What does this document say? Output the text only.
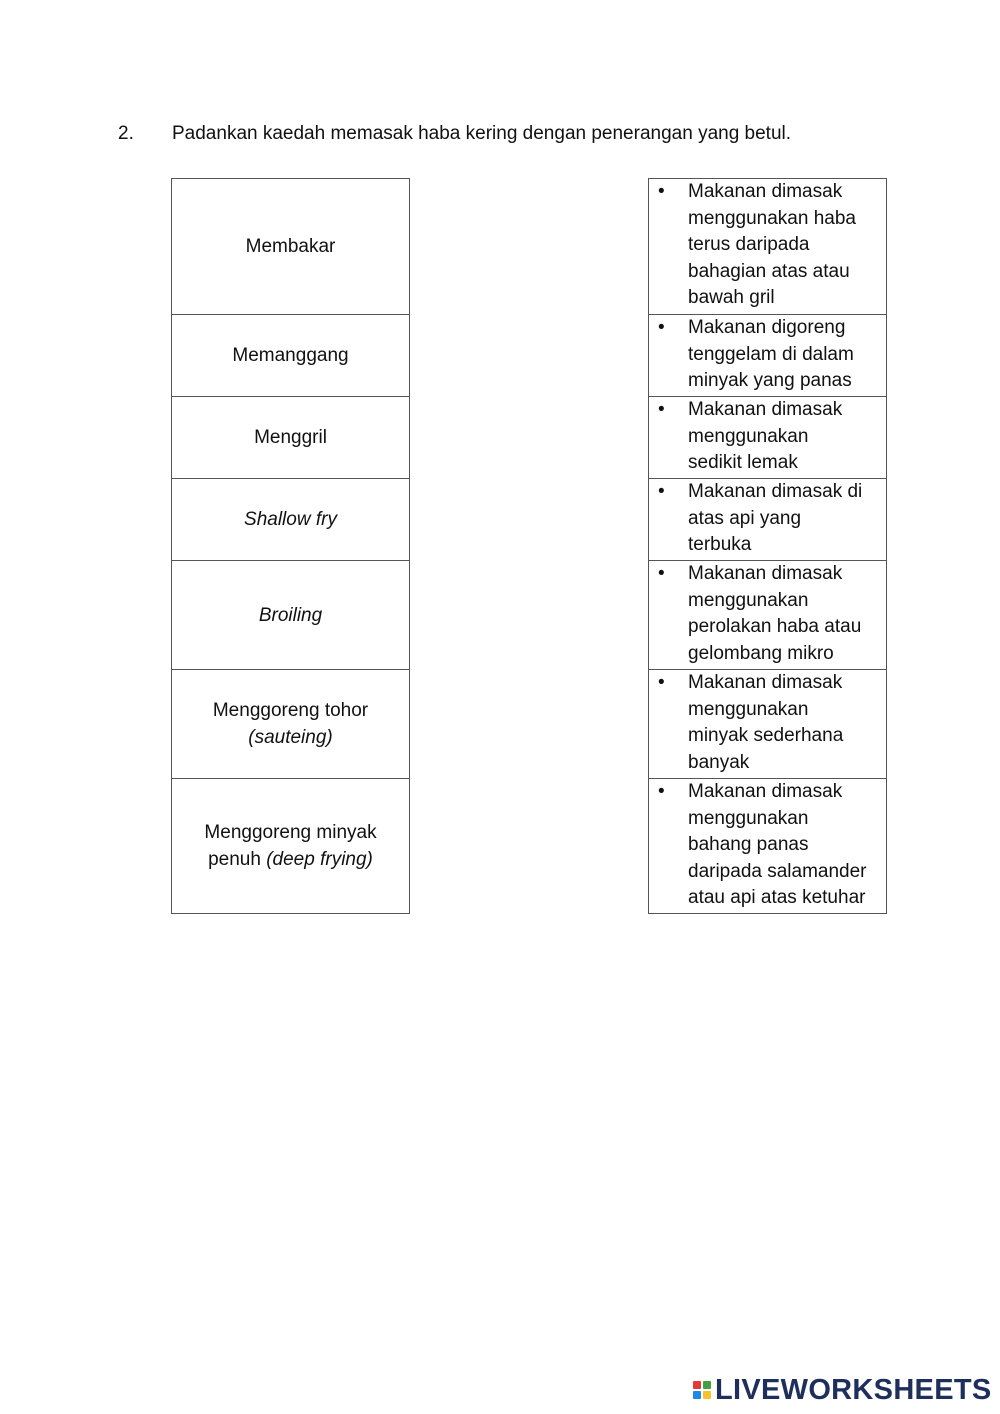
2. Padankan kaedah memasak haba kering dengan penerangan yang betul.
Membakar
Memanggang
Menggril
Shallow fry
Broiling
Menggoreng tohor
(sauteing)
Menggoreng minyak
penuh (deep frying)
• Makanan dimasak
menggunakan haba
terus daripada
bahagian atas atau
bawah gril
• Makanan digoreng
tenggelam di dalam
minyak yang panas
• Makanan dimasak
menggunakan
sedikit lemak
• Makanan dimasak di
atas api yang
terbuka
• Makanan dimasak
menggunakan
perolakan haba atau
gelombang mikro
• Makanan dimasak
menggunakan
minyak sederhana
banyak
• Makanan dimasak
menggunakan
bahang panas
daripada salamander
atau api atas ketuhar
LIVEWORKSHEETS
